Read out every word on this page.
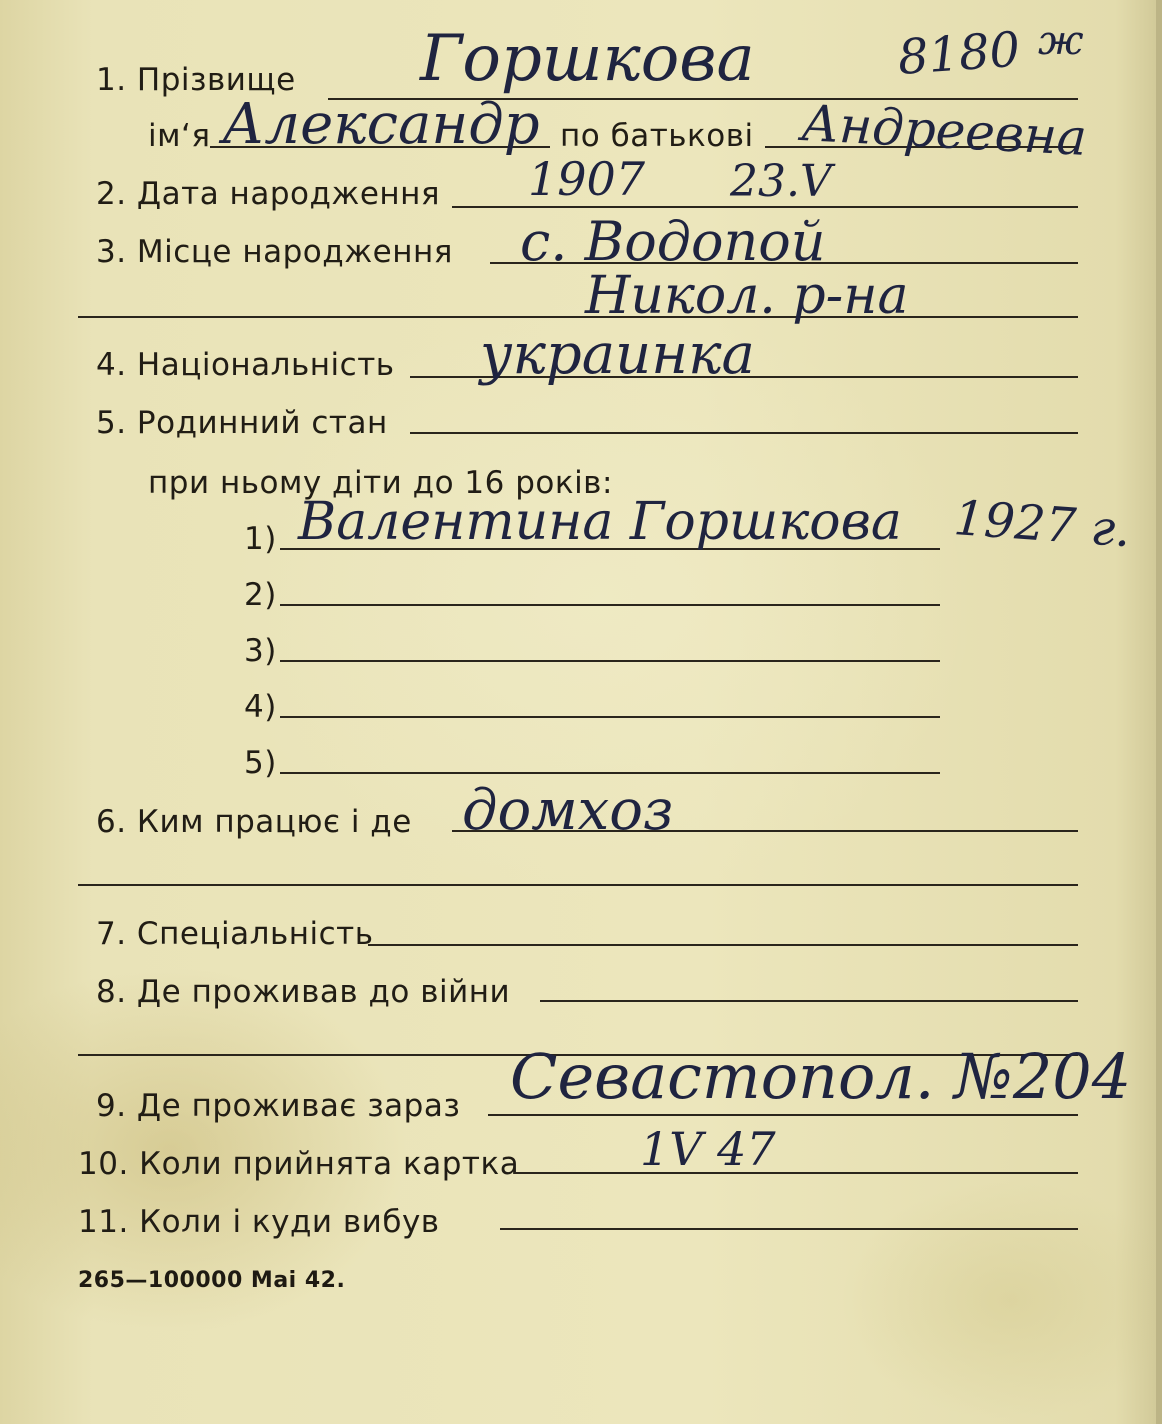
1. Прізвище Горшкова	8180 ж
ім‘я Александр по батькові Андреевна
2. Дата народження 1907 23.V
3. Місце народження с. Водопой
Никол. р-на
4. Національність украинка
5. Родинний стан
при ньому діти до 16 років:
1) Валентина Горшкова 1927 г.
2)
3)
4)
5)
6. Ким працює і де домхоз
7. Спеціальність
8. Де проживав до війни
9. Де проживає зараз Севастопол. №204
10. Коли прийнята картка	1V 47
11. Коли і куди вибув
265—100000 Mai 42.
